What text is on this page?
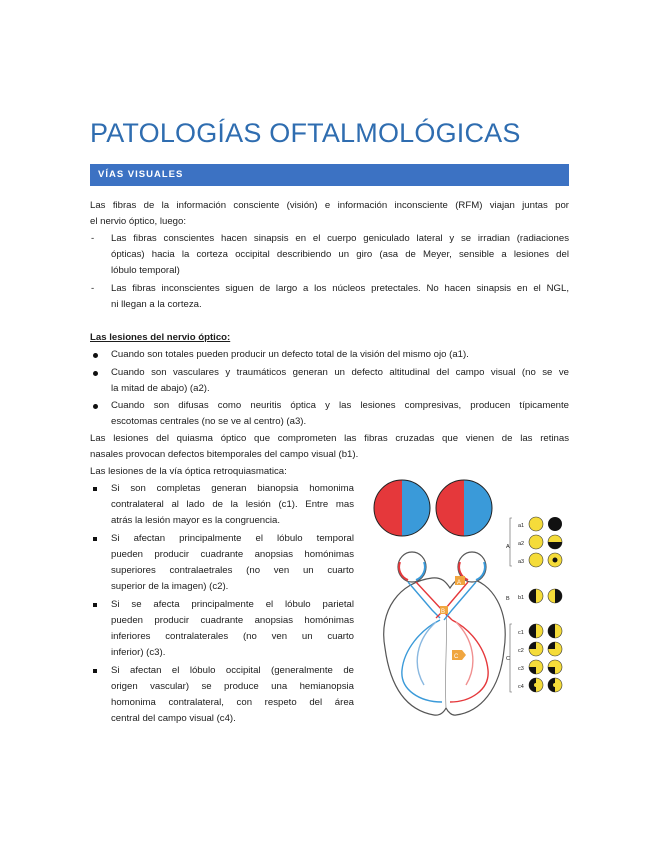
PATOLOGÍAS OFTALMOLÓGICAS
VÍAS VISUALES
Las fibras de la información consciente (visión) e información inconsciente (RFM) viajan juntas por
el nervio óptico, luego:
- Las fibras conscientes hacen sinapsis en el cuerpo geniculado lateral y se irradian (radiaciones
ópticas) hacia la corteza occipital describiendo un giro (asa de Meyer, sensible a lesiones del
lóbulo temporal)
- Las fibras inconscientes siguen de largo a los núcleos pretectales. No hacen sinapsis en el NGL,
ni llegan a la corteza.
Las lesiones del nervio óptico:
Cuando son totales pueden producir un defecto total de la visión del mismo ojo (a1).
Cuando son vasculares y traumáticos generan un defecto altitudinal del campo visual (no se ve
la mitad de abajo) (a2).
Cuando son difusas como neuritis óptica y las lesiones compresivas, producen típicamente
escotomas centrales (no se ve al centro) (a3).
Las lesiones del quiasma óptico que comprometen las fibras cruzadas que vienen de las retinas
nasales provocan defectos bitemporales del campo visual (b1).
Las lesiones de la vía óptica retroquiasmatica:
Si son completas generan bianopsia homonima
contralateral al lado de la lesión (c1). Entre mas
atrás la lesión mayor es la congruencia.
Si afectan principalmente el lóbulo temporal
pueden producir cuadrante anopsias homónimas
superiores contralaetrales (no ven un cuarto
superior de la imagen) (c2).
Si se afecta principalmente el lóbulo parietal
pueden producir cuadrante anopsias homónimas
inferiores contralaterales (no ven un cuarto
inferior) (c3).
Si afectan el lóbulo occipital (generalmente de
origen vascular) se produce una hemianopsia
homonima contralateral, con respeto del área
central del campo visual (c4).
A
B
C
A
B
C
a1
a2
a3
b1
c1
c2
c3
c4
